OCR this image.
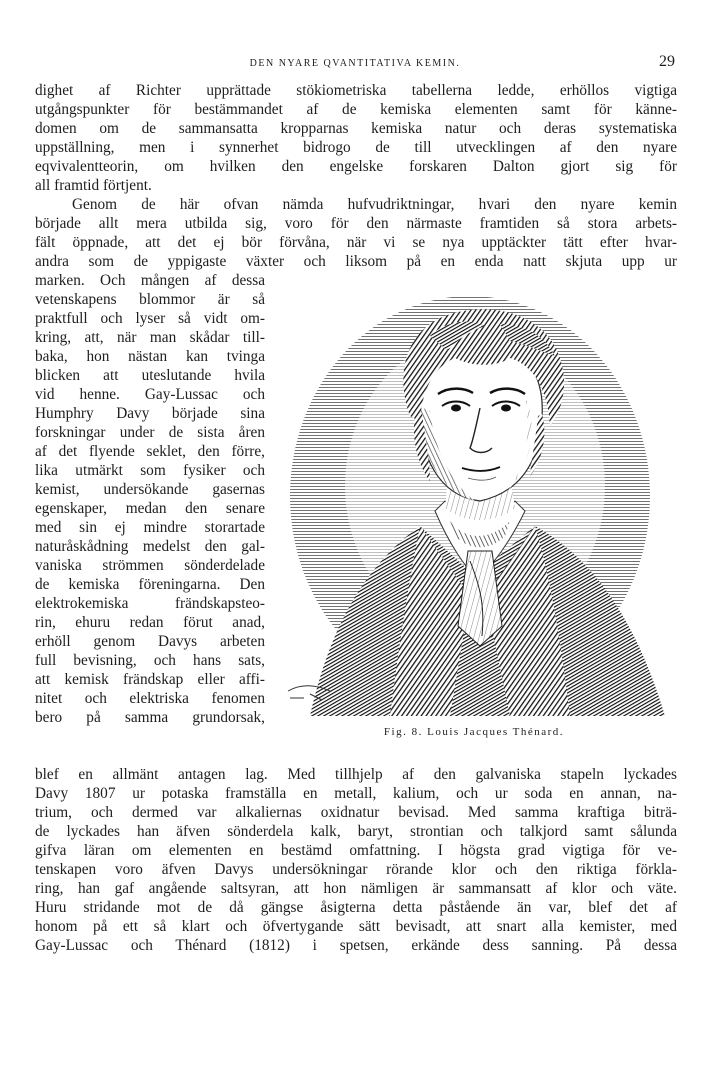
DEN NYARE QVANTITATIVA KEMIN.	29
dighet af Richter upprättade stökiometriska tabellerna ledde, erhöllos vigtiga
utgångspunkter för bestämmandet af de kemiska elementen samt för känne-
domen om de sammansatta kropparnas kemiska natur och deras systematiska
uppställning, men i synnerhet bidrogo de till utvecklingen af den nyare
eqvivalentteorin, om hvilken den engelske forskaren Dalton gjort sig för
all framtid förtjent.
Genom de här ofvan nämda hufvudriktningar, hvari den nyare kemin
började allt mera utbilda sig, voro för den närmaste framtiden så stora arbets-
fält öppnade, att det ej bör förvåna, när vi se nya upptäckter tätt efter hvar-
andra som de yppigaste växter och liksom på en enda natt skjuta upp ur
marken. Och mången af dessa
vetenskapens blommor är så
praktfull och lyser så vidt om-
kring, att, när man skådar till-
baka, hon nästan kan tvinga
blicken att uteslutande hvila
vid henne. Gay-Lussac och
Humphry Davy började sina
forskningar under de sista åren
af det flyende seklet, den förre,
lika utmärkt som fysiker och
kemist, undersökande gasernas
egenskaper, medan den senare
med sin ej mindre storartade
naturåskådning medelst den gal-
vaniska strömmen sönderdelade
de kemiska föreningarna. Den
elektrokemiska frändskapsteo-
rin, ehuru redan förut anad,
erhöll genom Davys arbeten
full bevisning, och hans sats,
att kemisk frändskap eller affi-
nitet och elektriska fenomen
bero på samma grundorsak,
blef en allmänt antagen lag. Med tillhjelp af den galvaniska stapeln lyckades
Davy 1807 ur potaska framställa en metall, kalium, och ur soda en annan, na-
trium, och dermed var alkaliernas oxidnatur bevisad. Med samma kraftiga biträ-
de lyckades han äfven sönderdela kalk, baryt, strontian och talkjord samt sålunda
gifva läran om elementen en bestämd omfattning. I högsta grad vigtiga för ve-
tenskapen voro äfven Davys undersökningar rörande klor och den riktiga förkla-
ring, han gaf angående saltsyran, att hon nämligen är sammansatt af klor och väte.
Huru stridande mot de då gängse åsigterna detta påstående än var, blef det af
honom på ett så klart och öfvertygande sätt bevisadt, att snart alla kemister, med
Gay-Lussac och Thénard (1812) i spetsen, erkände dess sanning. På dessa
Fig. 8. Louis Jacques Thénard.
